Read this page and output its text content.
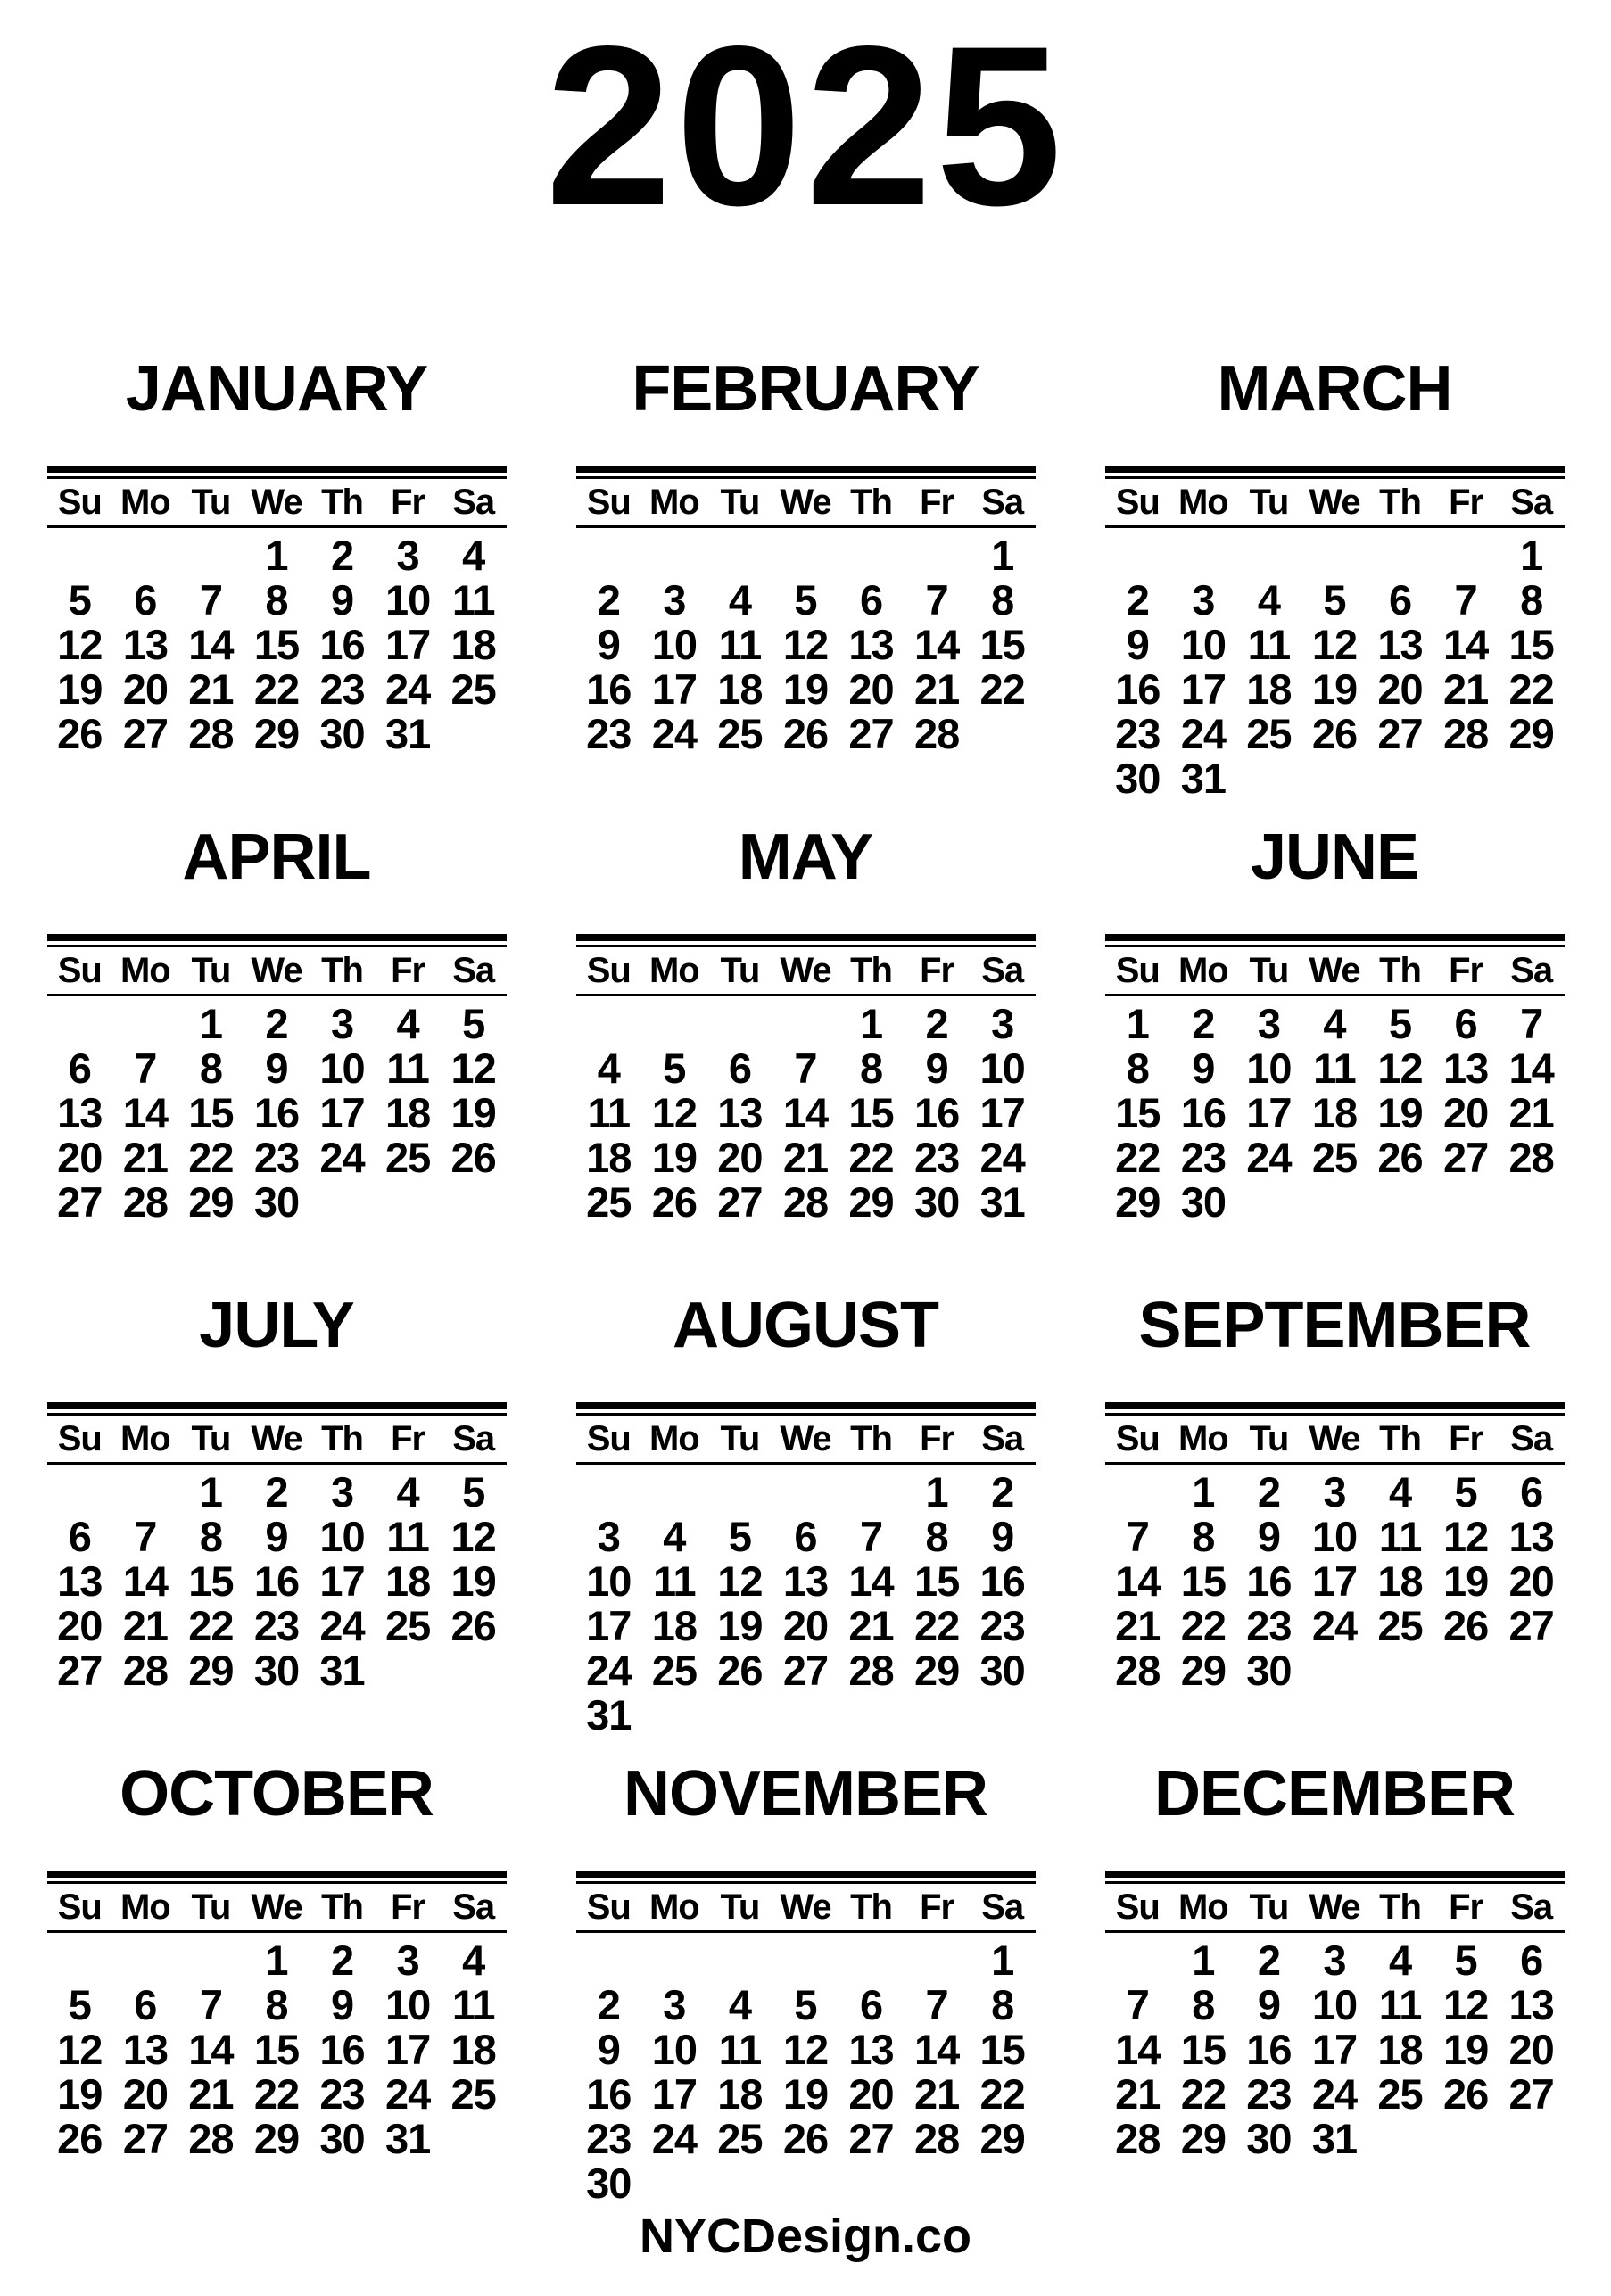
2025
JANUARY
Su	Mo	Tu	We	Th	Fr	Sa
			1	2	3	4
5	6	7	8	9	10	11
12	13	14	15	16	17	18
19	20	21	22	23	24	25
26	27	28	29	30	31	
FEBRUARY
Su	Mo	Tu	We	Th	Fr	Sa
						1
2	3	4	5	6	7	8
9	10	11	12	13	14	15
16	17	18	19	20	21	22
23	24	25	26	27	28	
MARCH
Su	Mo	Tu	We	Th	Fr	Sa
						1
2	3	4	5	6	7	8
9	10	11	12	13	14	15
16	17	18	19	20	21	22
23	24	25	26	27	28	29
30	31					
APRIL
Su	Mo	Tu	We	Th	Fr	Sa
		1	2	3	4	5
6	7	8	9	10	11	12
13	14	15	16	17	18	19
20	21	22	23	24	25	26
27	28	29	30			
MAY
Su	Mo	Tu	We	Th	Fr	Sa
				1	2	3
4	5	6	7	8	9	10
11	12	13	14	15	16	17
18	19	20	21	22	23	24
25	26	27	28	29	30	31
JUNE
Su	Mo	Tu	We	Th	Fr	Sa
1	2	3	4	5	6	7
8	9	10	11	12	13	14
15	16	17	18	19	20	21
22	23	24	25	26	27	28
29	30					
JULY
Su	Mo	Tu	We	Th	Fr	Sa
		1	2	3	4	5
6	7	8	9	10	11	12
13	14	15	16	17	18	19
20	21	22	23	24	25	26
27	28	29	30	31		
AUGUST
Su	Mo	Tu	We	Th	Fr	Sa
					1	2
3	4	5	6	7	8	9
10	11	12	13	14	15	16
17	18	19	20	21	22	23
24	25	26	27	28	29	30
31						
SEPTEMBER
Su	Mo	Tu	We	Th	Fr	Sa
	1	2	3	4	5	6
7	8	9	10	11	12	13
14	15	16	17	18	19	20
21	22	23	24	25	26	27
28	29	30				
OCTOBER
Su	Mo	Tu	We	Th	Fr	Sa
			1	2	3	4
5	6	7	8	9	10	11
12	13	14	15	16	17	18
19	20	21	22	23	24	25
26	27	28	29	30	31	
NOVEMBER
Su	Mo	Tu	We	Th	Fr	Sa
						1
2	3	4	5	6	7	8
9	10	11	12	13	14	15
16	17	18	19	20	21	22
23	24	25	26	27	28	29
30						
DECEMBER
Su	Mo	Tu	We	Th	Fr	Sa
	1	2	3	4	5	6
7	8	9	10	11	12	13
14	15	16	17	18	19	20
21	22	23	24	25	26	27
28	29	30	31			
NYCDesign.co
